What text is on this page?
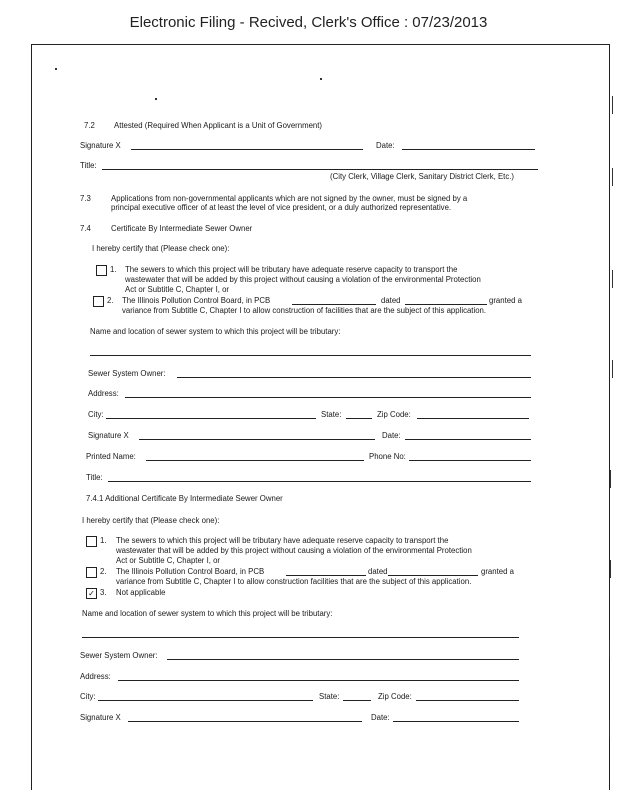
Electronic Filing - Recived, Clerk's Office : 07/23/2013
7.2 Attested (Required When Applicant is a Unit of Government)
Signature X	Date:
Title:
(City Clerk, Village Clerk, Sanitary District Clerk, Etc.)
7.3	Applications from non-governmental applicants which are not signed by the owner, must be signed by a
principal executive officer of at least the level of vice president, or a duly authorized representative.
7.4	Certificate By Intermediate Sewer Owner
I hereby certify that (Please check one):
1. The sewers to which this project will be tributary have adequate reserve capacity to transport the
wastewater that will be added by this project without causing a violation of the environmental Protection
Act or Subtitle C, Chapter I, or
2. The Illinois Pollution Control Board, in PCB	dated	granted a
variance from Subtitle C, Chapter I to allow construction of facilities that are the subject of this application.
Name and location of sewer system to which this project will be tributary:
Sewer System Owner:
Address:
City:	State:	Zip Code:
Signature X	Date:
Printed Name:	Phone No:
Title:
7.4.1 Additional Certificate By Intermediate Sewer Owner
I hereby certify that (Please check one):
1. The sewers to which this project will be tributary have adequate reserve capacity to transport the
wastewater that will be added by this project without causing a violation of the environmental Protection
Act or Subtitle C, Chapter I, or
2. The Illinois Pollution Control Board, in PCB	dated	granted a
variance from Subtitle C, Chapter I to allow construction facilities that are the subject of this application.
✓ 3. Not applicable
Name and location of sewer system to which this project will be tributary:
Sewer System Owner:
Address:
City:	State:	Zip Code:
Signature X	Date:
